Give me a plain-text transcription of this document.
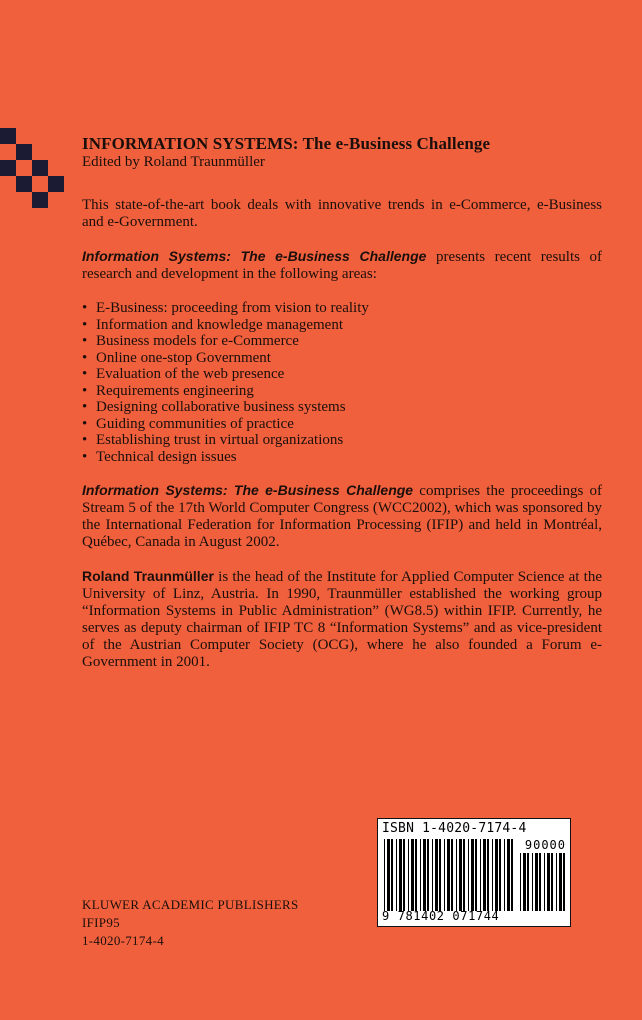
INFORMATION SYSTEMS: The e-Business Challenge
Edited by Roland Traunmüller

This state-of-the-art book deals with innovative trends in e-Commerce, e-Business and e-Government.

Information Systems: The e-Business Challenge presents recent results of research and development in the following areas:

• E-Business: proceeding from vision to reality
• Information and knowledge management
• Business models for e-Commerce
• Online one-stop Government
• Evaluation of the web presence
• Requirements engineering
• Designing collaborative business systems
• Guiding communities of practice
• Establishing trust in virtual organizations
• Technical design issues

Information Systems: The e-Business Challenge comprises the proceedings of Stream 5 of the 17th World Computer Congress (WCC2002), which was sponsored by the International Federation for Information Processing (IFIP) and held in Montréal, Québec, Canada in August 2002.

Roland Traunmüller is the head of the Institute for Applied Computer Science at the University of Linz, Austria. In 1990, Traunmüller established the working group “Information Systems in Public Administration” (WG8.5) within IFIP. Currently, he serves as deputy chairman of IFIP TC 8 “Information Systems” and as vice-president of the Austrian Computer Society (OCG), where he also founded a Forum e-Government in 2001.

ISBN 1-4020-7174-4
90000
9 781402 071744
KLUWER ACADEMIC PUBLISHERS
IFIP95
1-4020-7174-4
